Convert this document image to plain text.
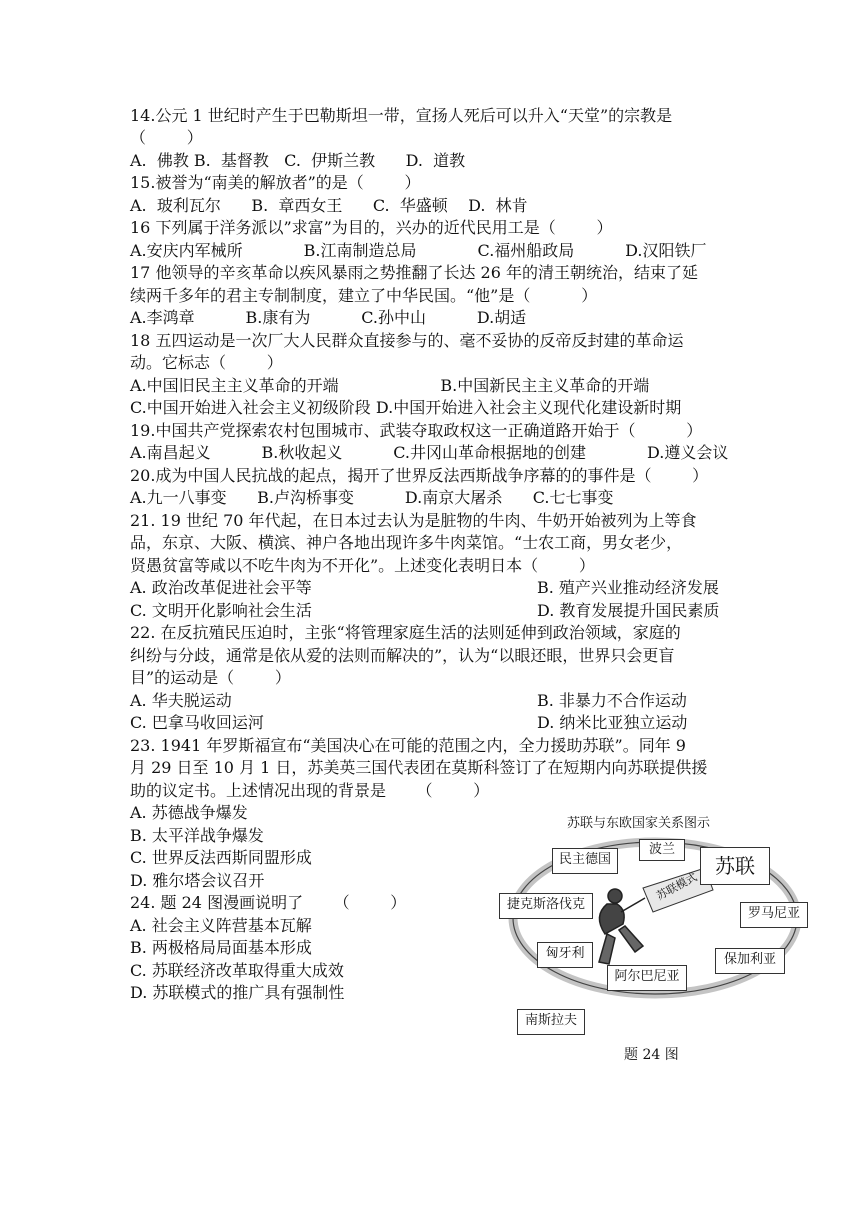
14.公元 1 世纪时产生于巴勒斯坦一带，宣扬人死后可以升入“天堂”的宗教是
（        ）
A.  佛教 B.  基督教   C.  伊斯兰教      D.  道教
15.被誉为“南美的解放者”的是（        ）
A.  玻利瓦尔      B.  章西女王      C.  华盛顿    D.  林肯
16 下列属于洋务派以”求富”为目的，兴办的近代民用工是（        ）
A.安庆内军械所            B.江南制造总局            C.福州船政局          D.汉阳铁厂
17 他领导的辛亥革命以疾风暴雨之势推翻了长达 26 年的清王朝统治，结束了延
续两千多年的君主专制制度，建立了中华民国。“他”是（          ）
A.李鸿章          B.康有为          C.孙中山          D.胡适
18 五四运动是一次厂大人民群众直接参与的、毫不妥协的反帝反封建的革命运
动。它标志（        ）
A.中国旧民主主义革命的开端                    B.中国新民主主义革命的开端
C.中国开始进入社会主义初级阶段 D.中国开始进入社会主义现代化建设新时期
19.中国共产党探索农村包围城市、武装夺取政权这一正确道路开始于（          ）
A.南昌起义          B.秋收起义          C.井冈山革命根据地的创建            D.遵义会议
20.成为中国人民抗战的起点，揭开了世界反法西斯战争序幕的的事件是（        ）
A.九一八事变      B.卢沟桥事变          D.南京大屠杀      C.七七事变
21. 19 世纪 70 年代起，在日本过去认为是脏物的牛肉、牛奶开始被列为上等食
品，东京、大阪、横滨、神户各地出现许多牛肉菜馆。“士农工商，男女老少，
贤愚贫富等咸以不吃牛肉为不开化”。上述变化表明日本（        ）
A. 政治改革促进社会平等	B. 殖产兴业推动经济发展
C. 文明开化影响社会生活	D. 教育发展提升国民素质
22. 在反抗殖民压迫时，主张“将管理家庭生活的法则延伸到政治领域，家庭的
纠纷与分歧，通常是依从爱的法则而解决的”，认为“以眼还眼，世界只会更盲
目”的运动是（        ）
A. 华夫脱运动	B. 非暴力不合作运动
C. 巴拿马收回运河	D. 纳米比亚独立运动
23. 1941 年罗斯福宣布“美国决心在可能的范围之内，全力援助苏联”。同年 9
月 29 日至 10 月 1 日，苏美英三国代表团在莫斯科签订了在短期内向苏联提供援
助的议定书。上述情况出现的背景是      （        ）
A. 苏德战争爆发
B. 太平洋战争爆发
C. 世界反法西斯同盟形成
D. 雅尔塔会议召开
24. 题 24 图漫画说明了      （        ）
A. 社会主义阵营基本瓦解
B. 两极格局局面基本形成
C. 苏联经济改革取得重大成效
D. 苏联模式的推广具有强制性
苏联与东欧国家关系图示
苏联
苏联模式
民主德国
波兰
捷克斯洛伐克
罗马尼亚
匈牙利
阿尔巴尼亚
保加利亚
南斯拉夫
题 24 图
